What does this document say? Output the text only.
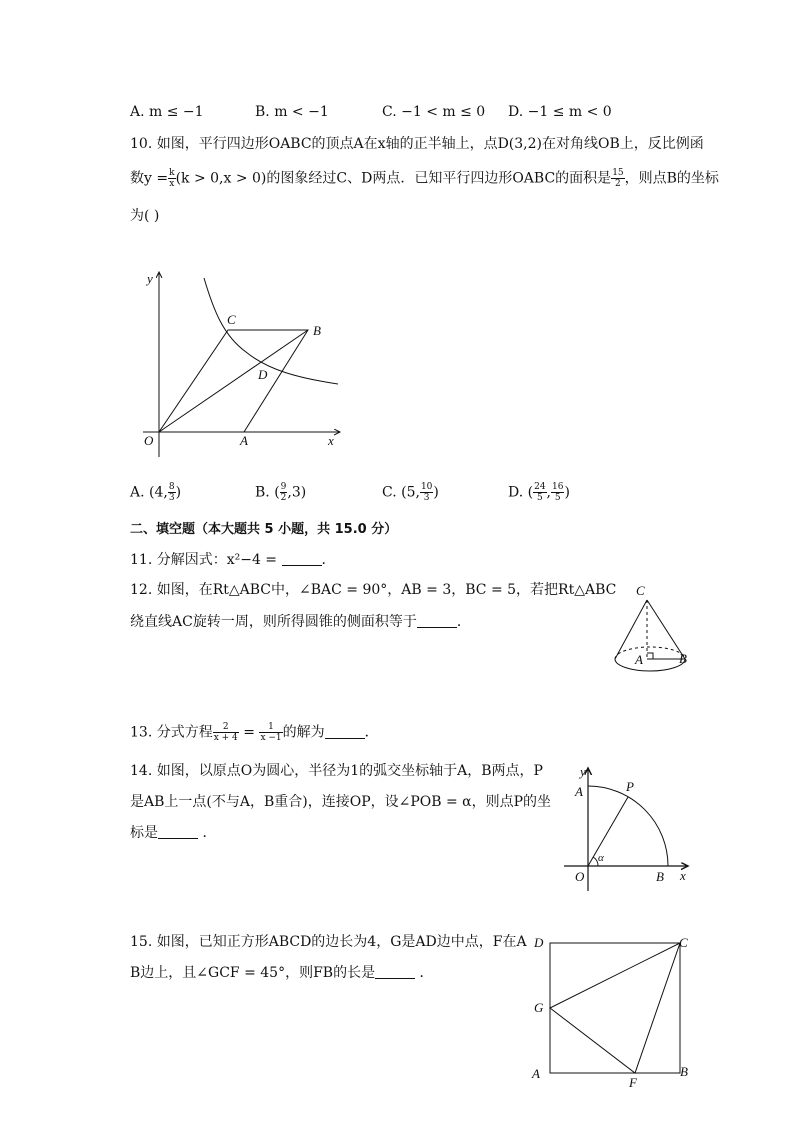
A. m ≤ −1	B. m < −1	C. −1 < m ≤ 0 D. −1 ≤ m < 0
10. 如图，平行四边形OABC的顶点A在x轴的正半轴上，点D(3,2)在对角线OB上，反比例函
数$y = \frac{k}{x} (k > 0,x > 0)$的图象经过C、D两点．已知平行四边形OABC的面积是 $\frac{15}{2}$ ，则点B的坐标
为( )
y
x
O	A
B
C
D
A. (4, $\frac{8}{3}$ )	B. ( $\frac{9}{2} ,3$)	C. (5, $\frac{10}{3}$ )	D. ( $\frac{24}{5}$ , $\frac{16}{5}$ )
二、填空题（本大题共 5 小题，共 15.0 分）
11. 分解因式：x²−4 =	．
12. 如图，在Rt△ABC中，∠BAC = 90°，AB = 3，BC = 5，若把Rt△ABC
绕直线AC旋转一周，则所得圆锥的侧面积等于	．
C
A	B
13. 分式方程 $\frac{2}{x + 4} = \frac{1}{x -1}$ 的解为	．
14. 如图，以原点O为圆心，半径为1的弧交坐标轴于A，B两点，P
是AB上一点(不与A，B重合)，连接OP，设∠POB = α，则点P的坐
标是	．
y
x
O
A
B
P
α
15. 如图，已知正方形ABCD的边长为4，G是AD边中点，F在A
B边上，且∠GCF = 45°，则FB的长是	．
D	C
G
A	B
F
